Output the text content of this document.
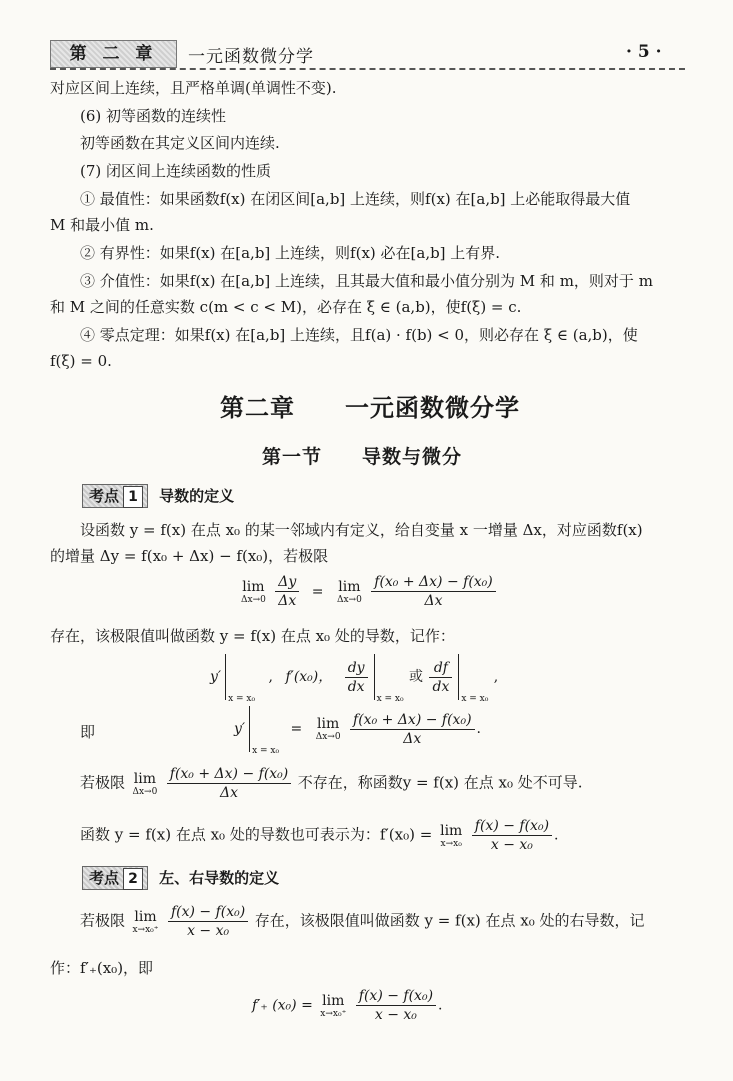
第 二 章	一元函数微分学	· 5 ·
对应区间上连续，且严格单调(单调性不变).
(6) 初等函数的连续性
初等函数在其定义区间内连续.
(7) 闭区间上连续函数的性质
① 最值性：如果函数f(x) 在闭区间[a,b] 上连续，则f(x) 在[a,b] 上必能取得最大值
M 和最小值 m.
② 有界性：如果f(x) 在[a,b] 上连续，则f(x) 必在[a,b] 上有界.
③ 介值性：如果f(x) 在[a,b] 上连续，且其最大值和最小值分别为 M 和 m，则对于 m
和 M 之间的任意实数 c(m < c < M)，必存在 ξ ∈ (a,b)，使f(ξ) = c.
④ 零点定理：如果f(x) 在[a,b] 上连续，且f(a) · f(b) < 0，则必存在 ξ ∈ (a,b)，使
f(ξ) = 0.
第二章　　一元函数微分学
第一节　　导数与微分
考点 1 导数的定义
设函数 y = f(x) 在点 x₀ 的某一邻域内有定义，给自变量 x 一增量 Δx，对应函数f(x)
的增量 Δy = f(x₀ + Δx) − f(x₀)，若极限
lim
Δx→0
$\frac{\Delta y}{\Delta x} = \lim$
Δx→0
$\frac{\text{f(x₀ + Δx) − f(x₀)}}{\Delta x}$
存在，该极限值叫做函数 y = f(x) 在点 x₀ 处的导数，记作：
y′
x = x₀
, f′(x₀)， $\frac{dy}{dx}$
x = x₀
或 $\frac{df}{dx}$
x = x₀
,
即	y′
x = x₀
= lim
Δx→0
$\frac{\text{f(x₀ + Δx) − f(x₀)}}{\Delta x}$ .
若极限 lim
Δx→0
$\frac{\text{f(x₀ + Δx) − f(x₀)}}{\Delta x}$ 不存在，称函数y = f(x) 在点 x₀ 处不可导.
函数 y = f(x) 在点 x₀ 处的导数也可表示为：f′(x₀) = lim
x→x₀
$\frac{\text{f(x) − f(x₀)}}{\text{x − x₀}}$ .
考点 2 左、右导数的定义
若极限 lim
x→x₀⁺
$\frac{\text{f(x) − f(x₀)}}{\text{x − x₀}}$ 存在，该极限值叫做函数 y = f(x) 在点 x₀ 处的右导数，记
作：f′₊(x₀)，即
f′₊ (x₀) = lim
x→x₀⁺
$\frac{\text{f(x) − f(x₀)}}{\text{x − x₀}}$ .
